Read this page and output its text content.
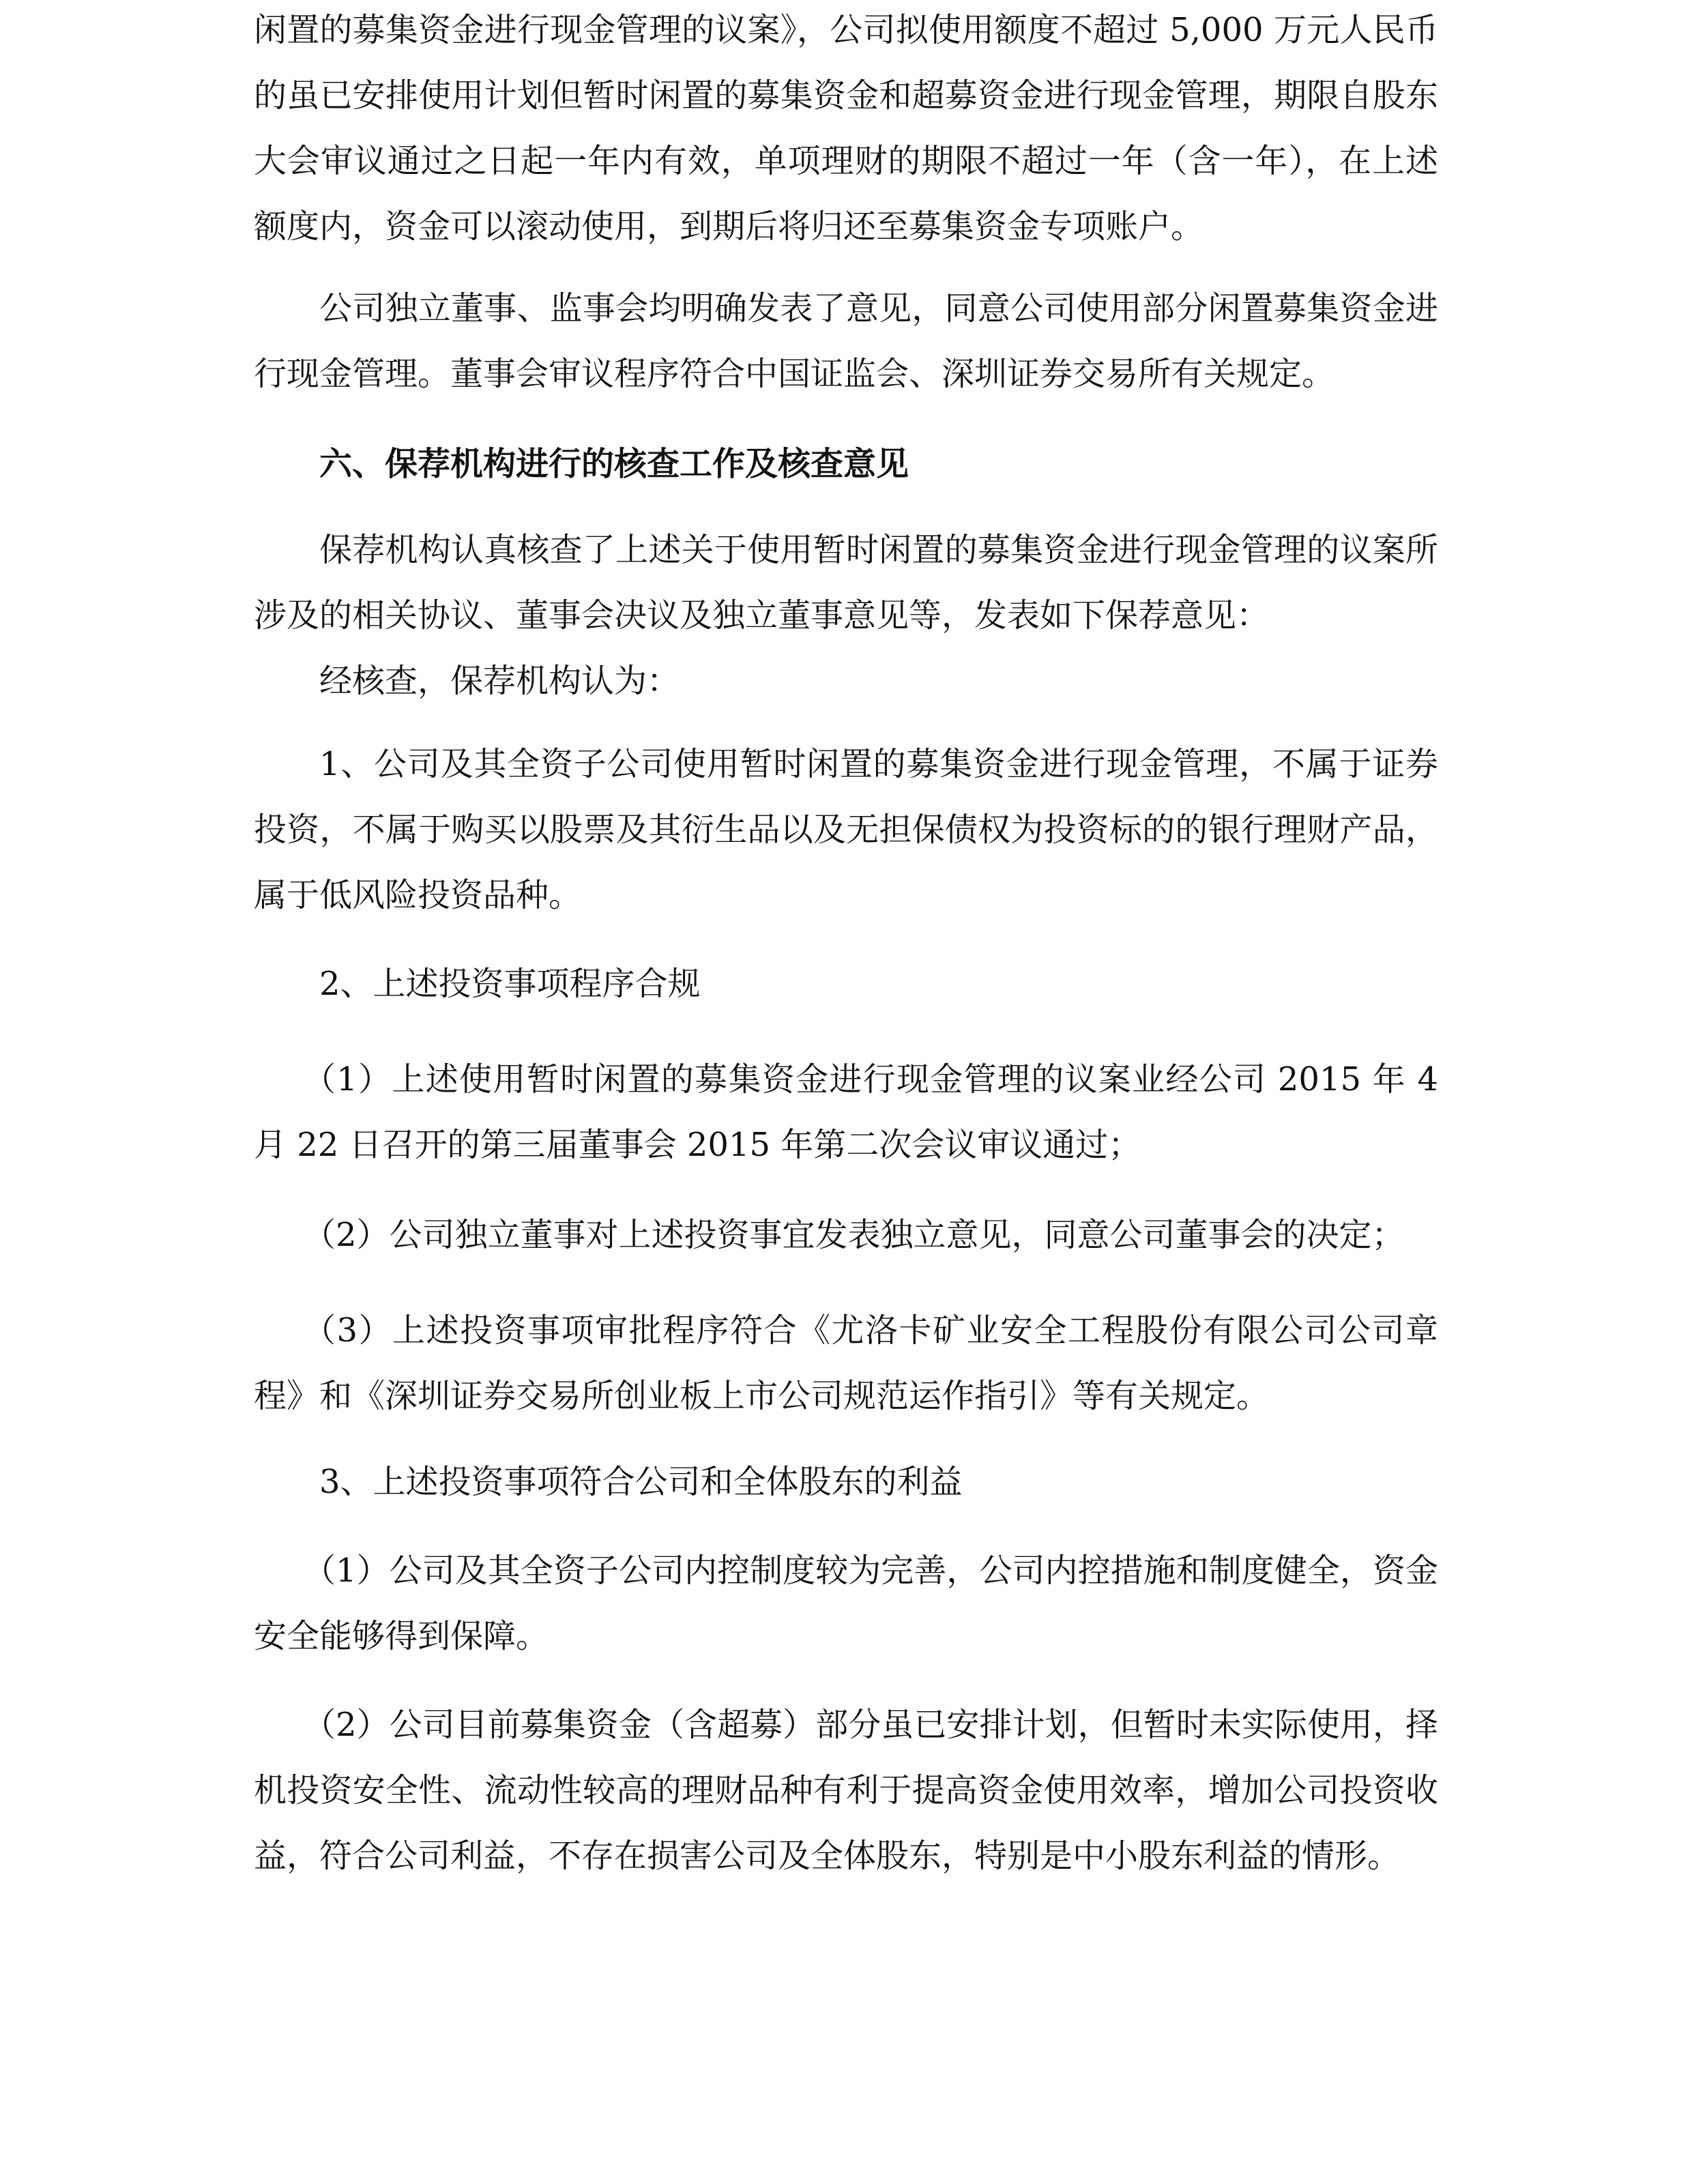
闲置的募集资金进行现金管理的议案》，公司拟使用额度不超过 5,000 万元人民币的虽已安排使用计划但暂时闲置的募集资金和超募资金进行现金管理，期限自股东大会审议通过之日起一年内有效，单项理财的期限不超过一年（含一年），在上述额度内，资金可以滚动使用，到期后将归还至募集资金专项账户。

公司独立董事、监事会均明确发表了意见，同意公司使用部分闲置募集资金进行现金管理。董事会审议程序符合中国证监会、深圳证券交易所有关规定。

六、保荐机构进行的核查工作及核查意见

保荐机构认真核查了上述关于使用暂时闲置的募集资金进行现金管理的议案所涉及的相关协议、董事会决议及独立董事意见等，发表如下保荐意见：

经核查，保荐机构认为：

1、公司及其全资子公司使用暂时闲置的募集资金进行现金管理，不属于证券投资，不属于购买以股票及其衍生品以及无担保债权为投资标的的银行理财产品，属于低风险投资品种。

2、上述投资事项程序合规

（1）上述使用暂时闲置的募集资金进行现金管理的议案业经公司 2015 年 4 月 22 日召开的第三届董事会 2015 年第二次会议审议通过；

（2）公司独立董事对上述投资事宜发表独立意见，同意公司董事会的决定；

（3）上述投资事项审批程序符合《尤洛卡矿业安全工程股份有限公司公司章程》和《深圳证券交易所创业板上市公司规范运作指引》等有关规定。

3、上述投资事项符合公司和全体股东的利益

（1）公司及其全资子公司内控制度较为完善，公司内控措施和制度健全，资金安全能够得到保障。

（2）公司目前募集资金（含超募）部分虽已安排计划，但暂时未实际使用，择机投资安全性、流动性较高的理财品种有利于提高资金使用效率，增加公司投资收益，符合公司利益，不存在损害公司及全体股东，特别是中小股东利益的情形。
